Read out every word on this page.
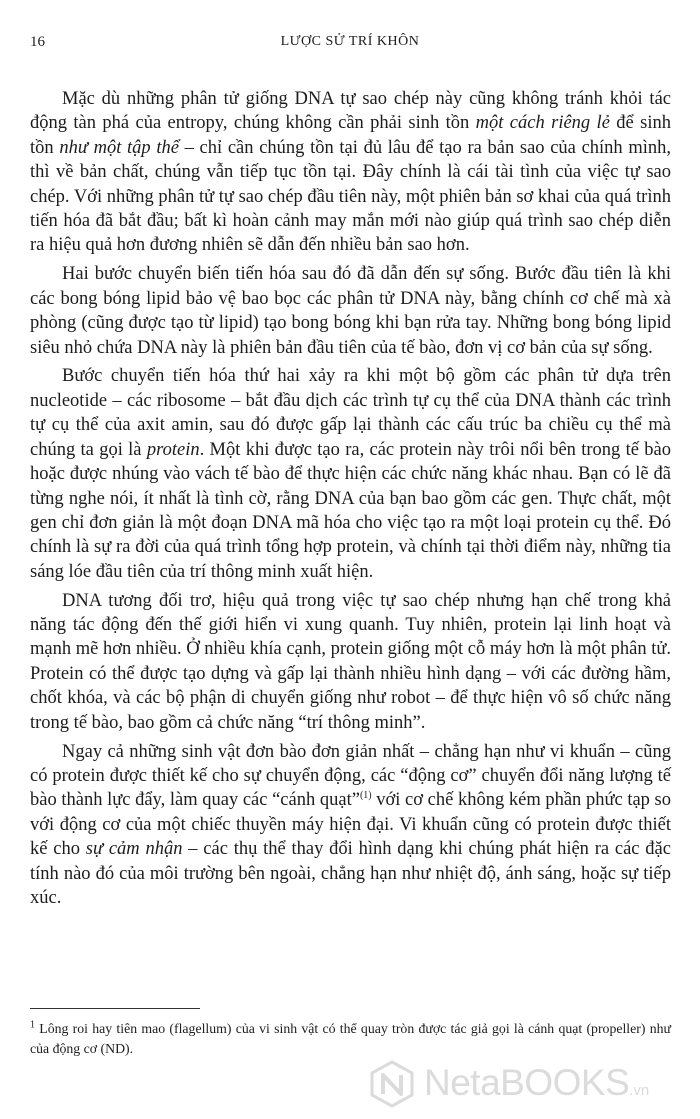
16	LƯỢC SỬ TRÍ KHÔN

Mặc dù những phân tử giống DNA tự sao chép này cũng không tránh khỏi tác động tàn phá của entropy, chúng không cần phải sinh tồn một cách riêng lẻ để sinh tồn như một tập thể – chỉ cần chúng tồn tại đủ lâu để tạo ra bản sao của chính mình, thì về bản chất, chúng vẫn tiếp tục tồn tại. Đây chính là cái tài tình của việc tự sao chép. Với những phân tử tự sao chép đầu tiên này, một phiên bản sơ khai của quá trình tiến hóa đã bắt đầu; bất kì hoàn cảnh may mắn mới nào giúp quá trình sao chép diễn ra hiệu quả hơn đương nhiên sẽ dẫn đến nhiều bản sao hơn.

Hai bước chuyển biến tiến hóa sau đó đã dẫn đến sự sống. Bước đầu tiên là khi các bong bóng lipid bảo vệ bao bọc các phân tử DNA này, bằng chính cơ chế mà xà phòng (cũng được tạo từ lipid) tạo bong bóng khi bạn rửa tay. Những bong bóng lipid siêu nhỏ chứa DNA này là phiên bản đầu tiên của tế bào, đơn vị cơ bản của sự sống.

Bước chuyển tiến hóa thứ hai xảy ra khi một bộ gồm các phân tử dựa trên nucleotide – các ribosome – bắt đầu dịch các trình tự cụ thể của DNA thành các trình tự cụ thể của axit amin, sau đó được gấp lại thành các cấu trúc ba chiều cụ thể mà chúng ta gọi là protein. Một khi được tạo ra, các protein này trôi nổi bên trong tế bào hoặc được nhúng vào vách tế bào để thực hiện các chức năng khác nhau. Bạn có lẽ đã từng nghe nói, ít nhất là tình cờ, rằng DNA của bạn bao gồm các gen. Thực chất, một gen chỉ đơn giản là một đoạn DNA mã hóa cho việc tạo ra một loại protein cụ thể. Đó chính là sự ra đời của quá trình tổng hợp protein, và chính tại thời điểm này, những tia sáng lóe đầu tiên của trí thông minh xuất hiện.

DNA tương đối trơ, hiệu quả trong việc tự sao chép nhưng hạn chế trong khả năng tác động đến thế giới hiển vi xung quanh. Tuy nhiên, protein lại linh hoạt và mạnh mẽ hơn nhiều. Ở nhiều khía cạnh, protein giống một cỗ máy hơn là một phân tử. Protein có thể được tạo dựng và gấp lại thành nhiều hình dạng – với các đường hầm, chốt khóa, và các bộ phận di chuyển giống như robot – để thực hiện vô số chức năng trong tế bào, bao gồm cả chức năng “trí thông minh”.

Ngay cả những sinh vật đơn bào đơn giản nhất – chẳng hạn như vi khuẩn – cũng có protein được thiết kế cho sự chuyển động, các “động cơ” chuyển đổi năng lượng tế bào thành lực đẩy, làm quay các “cánh quạt”$^{(1)}$ với cơ chế không kém phần phức tạp so với động cơ của một chiếc thuyền máy hiện đại. Vi khuẩn cũng có protein được thiết kế cho sự cảm nhận – các thụ thể thay đổi hình dạng khi chúng phát hiện ra các đặc tính nào đó của môi trường bên ngoài, chẳng hạn như nhiệt độ, ánh sáng, hoặc sự tiếp xúc.

$^1$ Lông roi hay tiên mao (flagellum) của vi sinh vật có thể quay tròn được tác giả gọi là cánh quạt (propeller) như của động cơ (ND).
NetaBOOKS.vn
